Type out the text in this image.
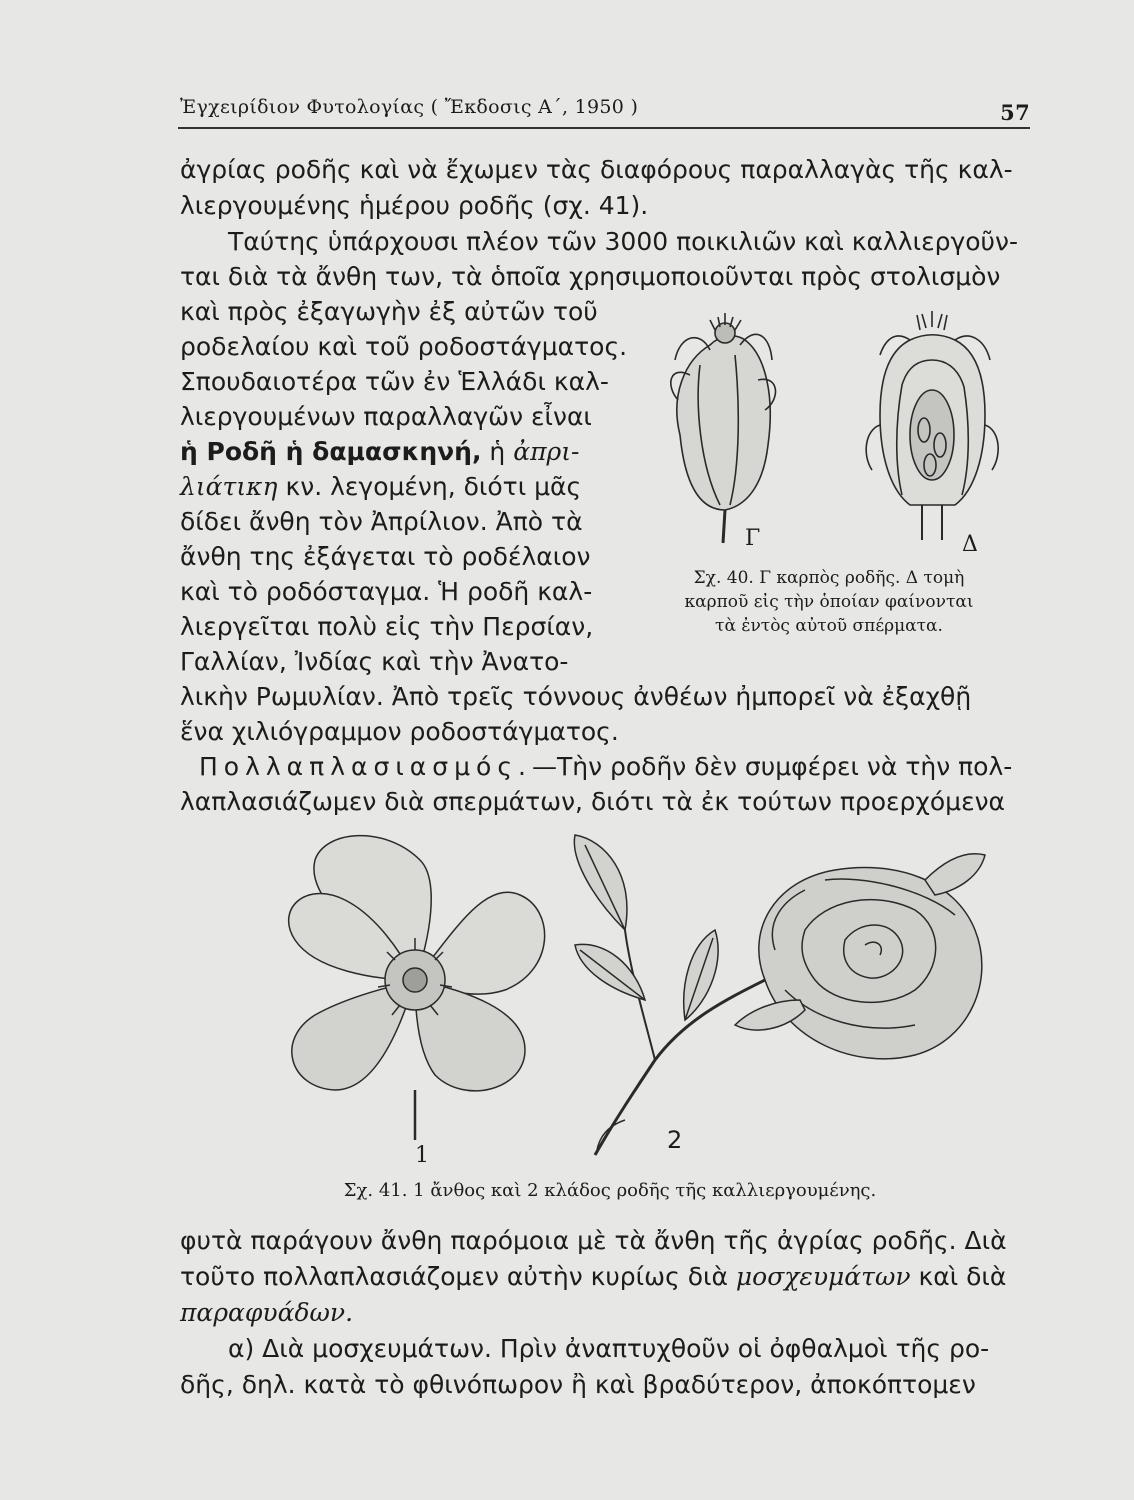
Ἐγχειρίδιον Φυτολογίας ( Ἔκδοσις Α΄, 1950 )	57
ἀγρίας ροδῆς καὶ νὰ ἔχωμεν τὰς διαφόρους παραλλαγὰς τῆς καλ-
λιεργουμένης ἡμέρου ροδῆς (σχ. 41).
Ταύτης ὑπάρχουσι πλέον τῶν 3000 ποικιλιῶν καὶ καλλιεργοῦν-
ται διὰ τὰ ἄνθη των, τὰ ὁποῖα χρησιμοποιοῦνται πρὸς στολισμὸν
καὶ πρὸς ἐξαγωγὴν ἐξ αὐτῶν τοῦ
ροδελαίου καὶ τοῦ ροδοστάγματος.
Σπουδαιοτέρα τῶν ἐν Ἑλλάδι καλ-
λιεργουμένων παραλλαγῶν εἶναι
ἡ Ροδῆ ἡ δαμασκηνή, ἡ ἀπρι-
λιάτικη κν. λεγομένη, διότι μᾶς
δίδει ἄνθη τὸν Ἀπρίλιον. Ἀπὸ τὰ
ἄνθη της ἐξάγεται τὸ ροδέλαιον
καὶ τὸ ροδόσταγμα. Ἡ ροδῆ καλ-
λιεργεῖται πολὺ εἰς τὴν Περσίαν,
Γαλλίαν, Ἰνδίας καὶ τὴν Ἀνατο-
λικὴν Ρωμυλίαν. Ἀπὸ τρεῖς τόννους ἀνθέων ἠμπορεῖ νὰ ἐξαχθῇ
ἕνα χιλιόγραμμον ροδοστάγματος.
Πολλαπλασιασμός.—Τὴν ροδῆν δὲν συμφέρει νὰ τὴν πολ-
λαπλασιάζωμεν διὰ σπερμάτων, διότι τὰ ἐκ τούτων προερχόμενα
Γ	Δ
Σχ. 40. Γ καρπὸς ροδῆς. Δ τομὴ
καρποῦ εἰς τὴν ὁποίαν φαίνονται
τὰ ἐντὸς αὐτοῦ σπέρματα.
1
2
Σχ. 41. 1 ἄνθος καὶ 2 κλάδος ροδῆς τῆς καλλιεργουμένης.
φυτὰ παράγουν ἄνθη παρόμοια μὲ τὰ ἄνθη τῆς ἀγρίας ροδῆς. Διὰ
τοῦτο πολλαπλασιάζομεν αὐτὴν κυρίως διὰ μοσχευμάτων καὶ διὰ
παραφυάδων.
α) Διὰ μοσχευμάτων. Πρὶν ἀναπτυχθοῦν οἱ ὀφθαλμοὶ τῆς ρο-
δῆς, δηλ. κατὰ τὸ φθινόπωρον ἢ καὶ βραδύτερον, ἀποκόπτομεν
